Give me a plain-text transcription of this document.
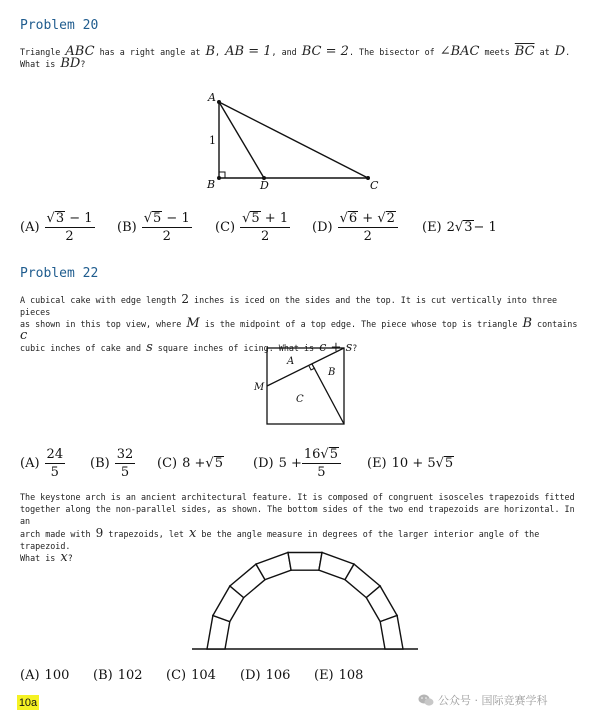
Problem 20
Triangle ABC has a right angle at B, AB = 1, and BC = 2. The bisector of ∠BAC meets $\overline{BC}$ at D.
What is BD?
A
B	D	C
1
$(A) \frac{√ 3 - 1}{2} (B) \frac{√ 5 - 1}{2} (C) \frac{√ 5 + 1}{2} (D) \frac{√ 6 + √ 2}{2} (E)$ 2 √ 3 − 1
Problem 22
A cubical cake with edge length 2 inches is iced on the sides and the top. It is cut vertically into three pieces
as shown in this top view, where M is the midpoint of a top edge. The piece whose top is triangle B contains c
cubic inches of cake and s square inches of icing. What is c + s?
A
B
C
M
$(A) \frac{24}{5} (B) \frac{32}{5} (C) 8$ + √ 5 (D) $5 + \frac{16 √ 5}{5} (E) 10 + 5$ √ 5
The keystone arch is an ancient architectural feature. It is composed of congruent isosceles trapezoids fitted
together along the non-parallel sides, as shown. The bottom sides of the two end trapezoids are horizontal. In an
arch made with 9 trapezoids, let x be the angle measure in degrees of the larger interior angle of the trapezoid.
What is x?
(A) 100 (B) 102 (C) 104 (D) 106 (E) 108
10a	公众号 · 国际竞赛学科
